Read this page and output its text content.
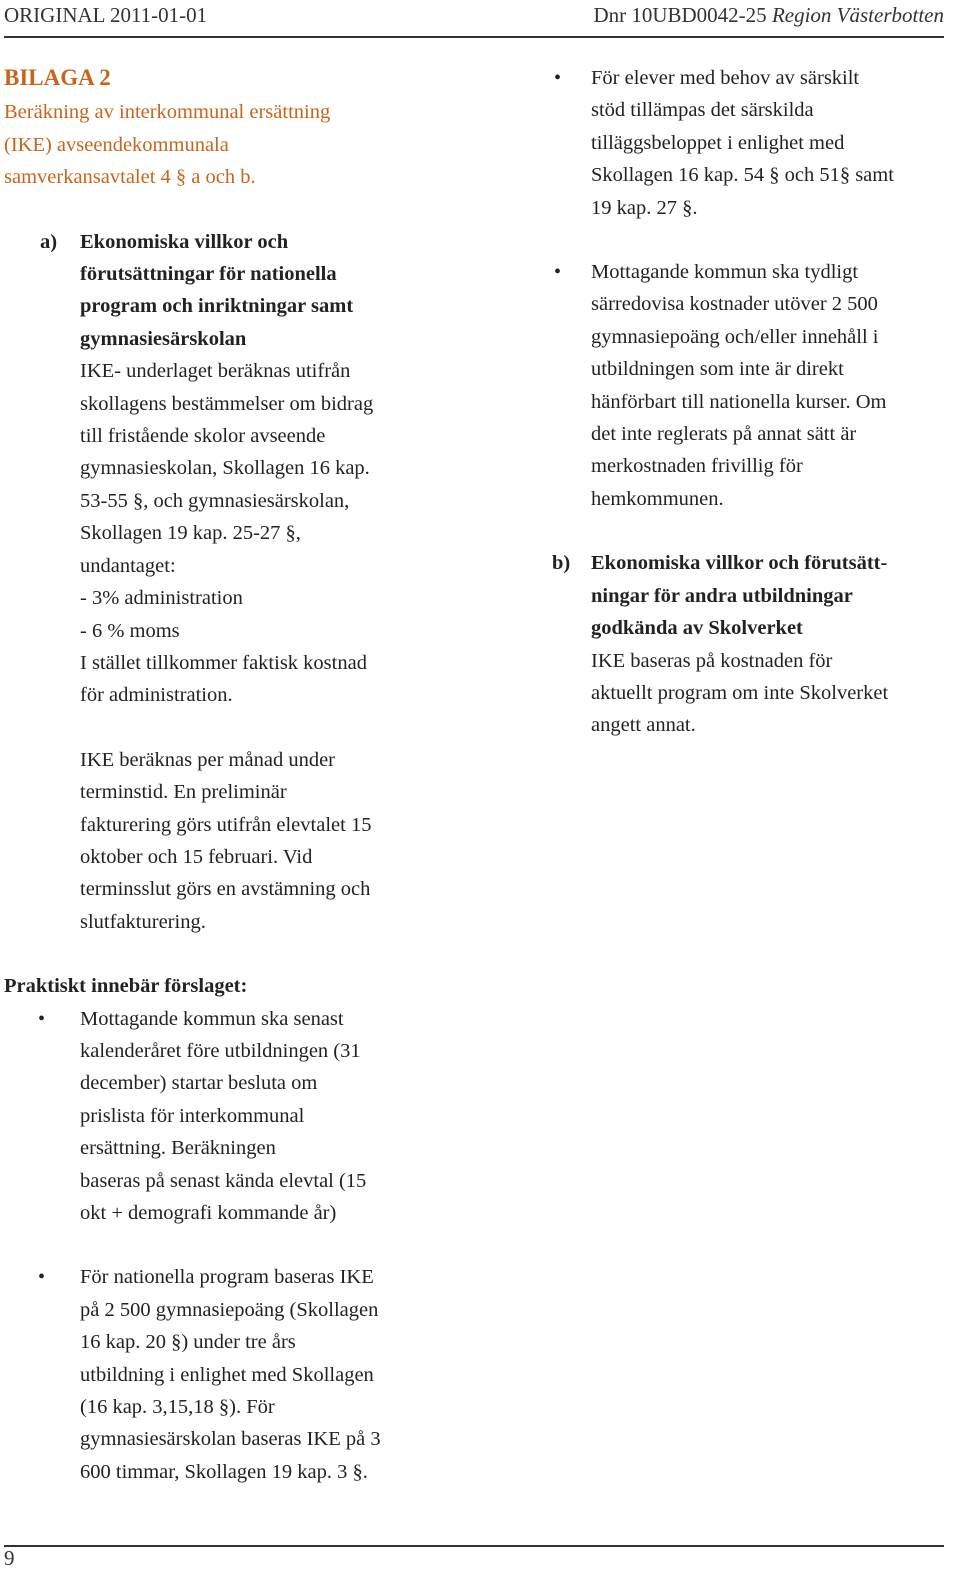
ORIGINAL 2011-01-01	Dnr 10UBD0042-25 Region Västerbotten

BILAGA 2

Beräkning av interkommunal ersättning
(IKE) avseendekommunala
samverkansavtalet 4 § a och b.

a) Ekonomiska villkor och
förutsättningar för nationella
program och inriktningar samt
gymnasiesärskolan

IKE- underlaget beräknas utifrån
skollagens bestämmelser om bidrag
till fristående skolor avseende
gymnasieskolan, Skollagen 16 kap.
53-55 §, och gymnasiesärskolan,
Skollagen 19 kap. 25-27 §,
undantaget:
- 3% administration
- 6 % moms
I stället tillkommer faktisk kostnad
för administration.

IKE beräknas per månad under
terminstid. En preliminär
fakturering görs utifrån elevtalet 15
oktober och 15 februari. Vid
terminsslut görs en avstämning och
slutfakturering.

Praktiskt innebär förslaget:

• Mottagande kommun ska senast
kalenderåret före utbildningen (31
december) startar besluta om
prislista för interkommunal
ersättning. Beräkningen
baseras på senast kända elevtal (15
okt + demografi kommande år)
• För nationella program baseras IKE
på 2 500 gymnasiepoäng (Skollagen
16 kap. 20 §) under tre års
utbildning i enlighet med Skollagen
(16 kap. 3,15,18 §). För
gymnasiesärskolan baseras IKE på 3
600 timmar, Skollagen 19 kap. 3 §.
• För elever med behov av särskilt
stöd tillämpas det särskilda
tilläggsbeloppet i enlighet med
Skollagen 16 kap. 54 § och 51§ samt
19 kap. 27 §.
• Mottagande kommun ska tydligt
särredovisa kostnader utöver 2 500
gymnasiepoäng och/eller innehåll i
utbildningen som inte är direkt
hänförbart till nationella kurser. Om
det inte reglerats på annat sätt är
merkostnaden frivillig för
hemkommunen.
b) Ekonomiska villkor och förutsätt-
ningar för andra utbildningar
godkända av Skolverket

IKE baseras på kostnaden för
aktuellt program om inte Skolverket
angett annat.

9
